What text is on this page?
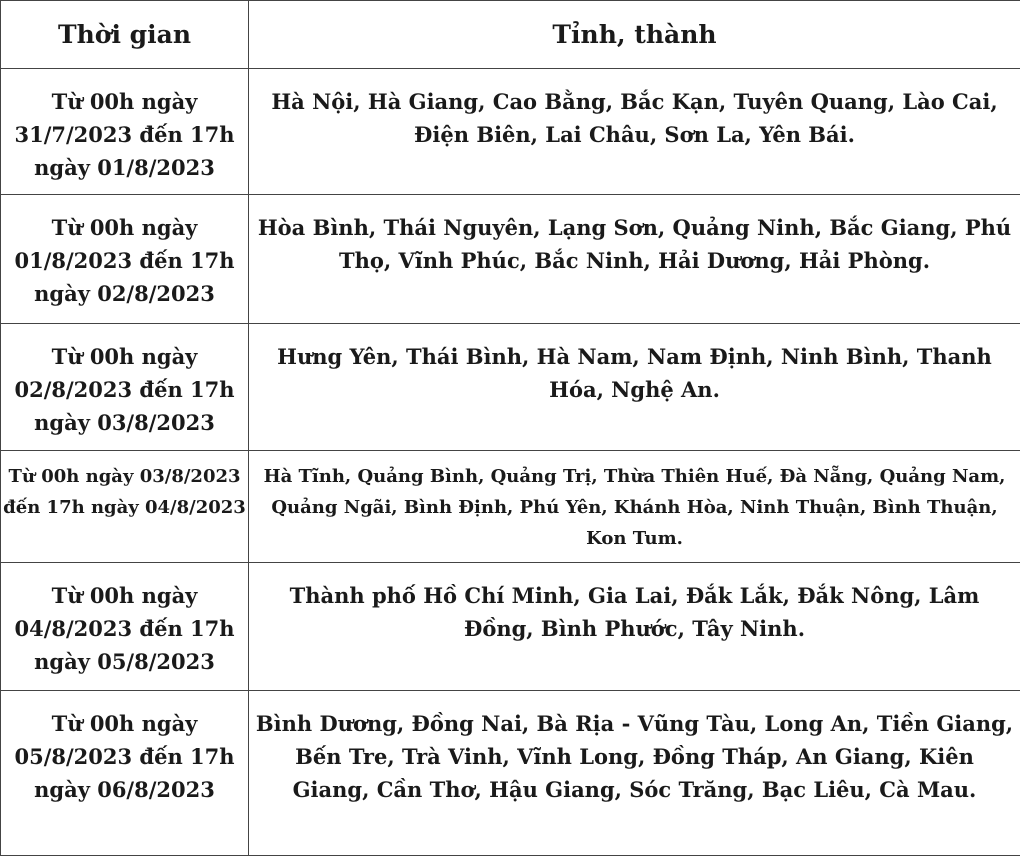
Thời gian	Tỉnh, thành
Từ 00h ngày 31/7/2023 đến 17h ngày 01/8/2023	Hà Nội, Hà Giang, Cao Bằng, Bắc Kạn, Tuyên Quang, Lào Cai, Điện Biên, Lai Châu, Sơn La, Yên Bái.
Từ 00h ngày 01/8/2023 đến 17h ngày 02/8/2023	Hòa Bình, Thái Nguyên, Lạng Sơn, Quảng Ninh, Bắc Giang, Phú Thọ, Vĩnh Phúc, Bắc Ninh, Hải Dương, Hải Phòng.
Từ 00h ngày 02/8/2023 đến 17h ngày 03/8/2023	Hưng Yên, Thái Bình, Hà Nam, Nam Định, Ninh Bình, Thanh Hóa, Nghệ An.
Từ 00h ngày 03/8/2023 đến 17h ngày 04/8/2023	Hà Tĩnh, Quảng Bình, Quảng Trị, Thừa Thiên Huế, Đà Nẵng, Quảng Nam, Quảng Ngãi, Bình Định, Phú Yên, Khánh Hòa, Ninh Thuận, Bình Thuận, Kon Tum.
Từ 00h ngày 04/8/2023 đến 17h ngày 05/8/2023	Thành phố Hồ Chí Minh, Gia Lai, Đắk Lắk, Đắk Nông, Lâm Đồng, Bình Phước, Tây Ninh.
Từ 00h ngày 05/8/2023 đến 17h ngày 06/8/2023	Bình Dương, Đồng Nai, Bà Rịa - Vũng Tàu, Long An, Tiền Giang, Bến Tre, Trà Vinh, Vĩnh Long, Đồng Tháp, An Giang, Kiên Giang, Cần Thơ, Hậu Giang, Sóc Trăng, Bạc Liêu, Cà Mau.
